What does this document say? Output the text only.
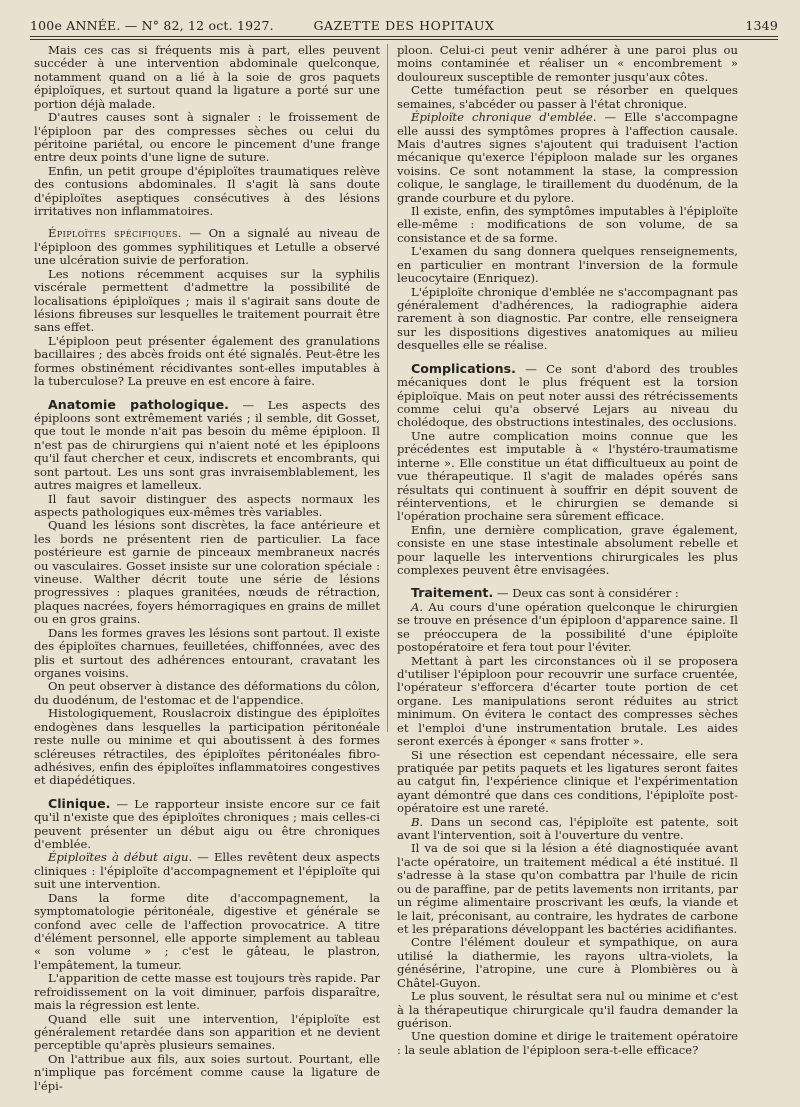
100e ANNÉE. — N° 82, 12 oct. 1927.	GAZETTE DES HOPITAUX	1349

Mais ces cas si fréquents mis à part, elles peuvent succéder à une intervention abdominale quelconque, notamment quand on a lié à la soie de gros paquets épiploïques, et surtout quand la ligature a porté sur une portion déjà malade.

D'autres causes sont à signaler : le froissement de l'épiploon par des compresses sèches ou celui du péritoine pariétal, ou encore le pincement d'une frange entre deux points d'une ligne de suture.

Enfin, un petit groupe d'épiploïtes traumatiques relève des contusions abdominales. Il s'agit là sans doute d'épiploïtes aseptiques consécutives à des lésions irritatives non inflammatoires.

Épiploïtes spécifiques. — On a signalé au niveau de l'épiploon des gommes syphilitiques et Letulle a observé une ulcération suivie de perforation.

Les notions récemment acquises sur la syphilis viscérale permettent d'admettre la possibilité de localisations épiploïques ; mais il s'agirait sans doute de lésions fibreuses sur lesquelles le traitement pourrait être sans effet.

L'épiploon peut présenter également des granulations bacillaires ; des abcès froids ont été signalés. Peut-être les formes obstinément récidivantes sont-elles imputables à la tuberculose? La preuve en est encore à faire.

Anatomie pathologique. — Les aspects des épiploons sont extrêmement variés ; il semble, dit Gosset, que tout le monde n'ait pas besoin du même épiploon. Il n'est pas de chirurgiens qui n'aient noté et les épiploons qu'il faut chercher et ceux, indiscrets et encombrants, qui sont partout. Les uns sont gras invraisemblablement, les autres maigres et lamelleux.

Il faut savoir distinguer des aspects normaux les aspects pathologiques eux-mêmes très variables.

Quand les lésions sont discrètes, la face antérieure et les bords ne présentent rien de particulier. La face postérieure est garnie de pinceaux membraneux nacrés ou vasculaires. Gosset insiste sur une coloration spéciale : vineuse. Walther décrit toute une série de lésions progressives : plaques granitées, nœuds de rétraction, plaques nacrées, foyers hémorragiques en grains de millet ou en gros grains.

Dans les formes graves les lésions sont partout. Il existe des épiploïtes charnues, feuilletées, chiffonnées, avec des plis et surtout des adhérences entourant, cravatant les organes voisins.

On peut observer à distance des déformations du côlon, du duodénum, de l'estomac et de l'appendice.

Histologiquement, Rouslacroix distingue des épiploïtes endogènes dans lesquelles la participation péritonéale reste nulle ou minime et qui aboutissent à des formes scléreuses rétractiles, des épiploïtes péritonéales fibro-adhésives, enfin des épiploïtes inflammatoires congestives et diapédétiques.

Clinique. — Le rapporteur insiste encore sur ce fait qu'il n'existe que des épiploïtes chroniques ; mais celles-ci peuvent présenter un début aigu ou être chroniques d'emblée.

Épiploïtes à début aigu. — Elles revêtent deux aspects cliniques : l'épiploïte d'accompagnement et l'épiploïte qui suit une intervention.

Dans la forme dite d'accompagnement, la symptomatologie péritonéale, digestive et générale se confond avec celle de l'affection provocatrice. A titre d'élément personnel, elle apporte simplement au tableau « son volume » ; c'est le gâteau, le plastron, l'empâtement, la tumeur.

L'apparition de cette masse est toujours très rapide. Par refroidissement on la voit diminuer, parfois disparaître, mais la régression est lente.

Quand elle suit une intervention, l'épiploïte est généralement retardée dans son apparition et ne devient perceptible qu'après plusieurs semaines.

On l'attribue aux fils, aux soies surtout. Pourtant, elle n'implique pas forcément comme cause la ligature de l'épi-

ploon. Celui-ci peut venir adhérer à une paroi plus ou moins contaminée et réaliser un « encombrement » douloureux susceptible de remonter jusqu'aux côtes.

Cette tuméfaction peut se résorber en quelques semaines, s'abcéder ou passer à l'état chronique.

Épiploïte chronique d'emblée. — Elle s'accompagne elle aussi des symptômes propres à l'affection causale. Mais d'autres signes s'ajoutent qui traduisent l'action mécanique qu'exerce l'épiploon malade sur les organes voisins. Ce sont notamment la stase, la compression colique, le sanglage, le tiraillement du duodénum, de la grande courbure et du pylore.

Il existe, enfin, des symptômes imputables à l'épiploïte elle-même : modifications de son volume, de sa consistance et de sa forme.

L'examen du sang donnera quelques renseignements, en particulier en montrant l'inversion de la formule leucocytaire (Enriquez).

L'épiploïte chronique d'emblée ne s'accompagnant pas généralement d'adhérences, la radiographie aidera rarement à son diagnostic. Par contre, elle renseignera sur les dispositions digestives anatomiques au milieu desquelles elle se réalise.

Complications. — Ce sont d'abord des troubles mécaniques dont le plus fréquent est la torsion épiploïque. Mais on peut noter aussi des rétrécissements comme celui qu'a observé Lejars au niveau du cholédoque, des obstructions intestinales, des occlusions.

Une autre complication moins connue que les précédentes est imputable à « l'hystéro-traumatisme interne ». Elle constitue un état difficultueux au point de vue thérapeutique. Il s'agit de malades opérés sans résultats qui continuent à souffrir en dépit souvent de réinterventions, et le chirurgien se demande si l'opération prochaine sera sûrement efficace.

Enfin, une dernière complication, grave également, consiste en une stase intestinale absolument rebelle et pour laquelle les interventions chirurgicales les plus complexes peuvent être envisagées.

Traitement. — Deux cas sont à considérer :

A. Au cours d'une opération quelconque le chirurgien se trouve en présence d'un épiploon d'apparence saine. Il se préoccupera de la possibilité d'une épiploïte postopératoire et fera tout pour l'éviter.

Mettant à part les circonstances où il se proposera d'utiliser l'épiploon pour recouvrir une surface cruentée, l'opérateur s'efforcera d'écarter toute portion de cet organe. Les manipulations seront réduites au strict minimum. On évitera le contact des compresses sèches et l'emploi d'une instrumentation brutale. Les aides seront exercés à éponger « sans frotter ».

Si une résection est cependant nécessaire, elle sera pratiquée par petits paquets et les ligatures seront faites au catgut fin, l'expérience clinique et l'expérimentation ayant démontré que dans ces conditions, l'épiploïte post-opératoire est une rareté.

B. Dans un second cas, l'épiploïte est patente, soit avant l'intervention, soit à l'ouverture du ventre.

Il va de soi que si la lésion a été diagnostiquée avant l'acte opératoire, un traitement médical a été institué. Il s'adresse à la stase qu'on combattra par l'huile de ricin ou de paraffine, par de petits lavements non irritants, par un régime alimentaire proscrivant les œufs, la viande et le lait, préconisant, au contraire, les hydrates de carbone et les préparations développant les bactéries acidifiantes.

Contre l'élément douleur et sympathique, on aura utilisé la diathermie, les rayons ultra-violets, la génésérine, l'atropine, une cure à Plombières ou à Châtel-Guyon.

Le plus souvent, le résultat sera nul ou minime et c'est à la thérapeutique chirurgicale qu'il faudra demander la guérison.

Une question domine et dirige le traitement opératoire : la seule ablation de l'épiploon sera-t-elle efficace?
